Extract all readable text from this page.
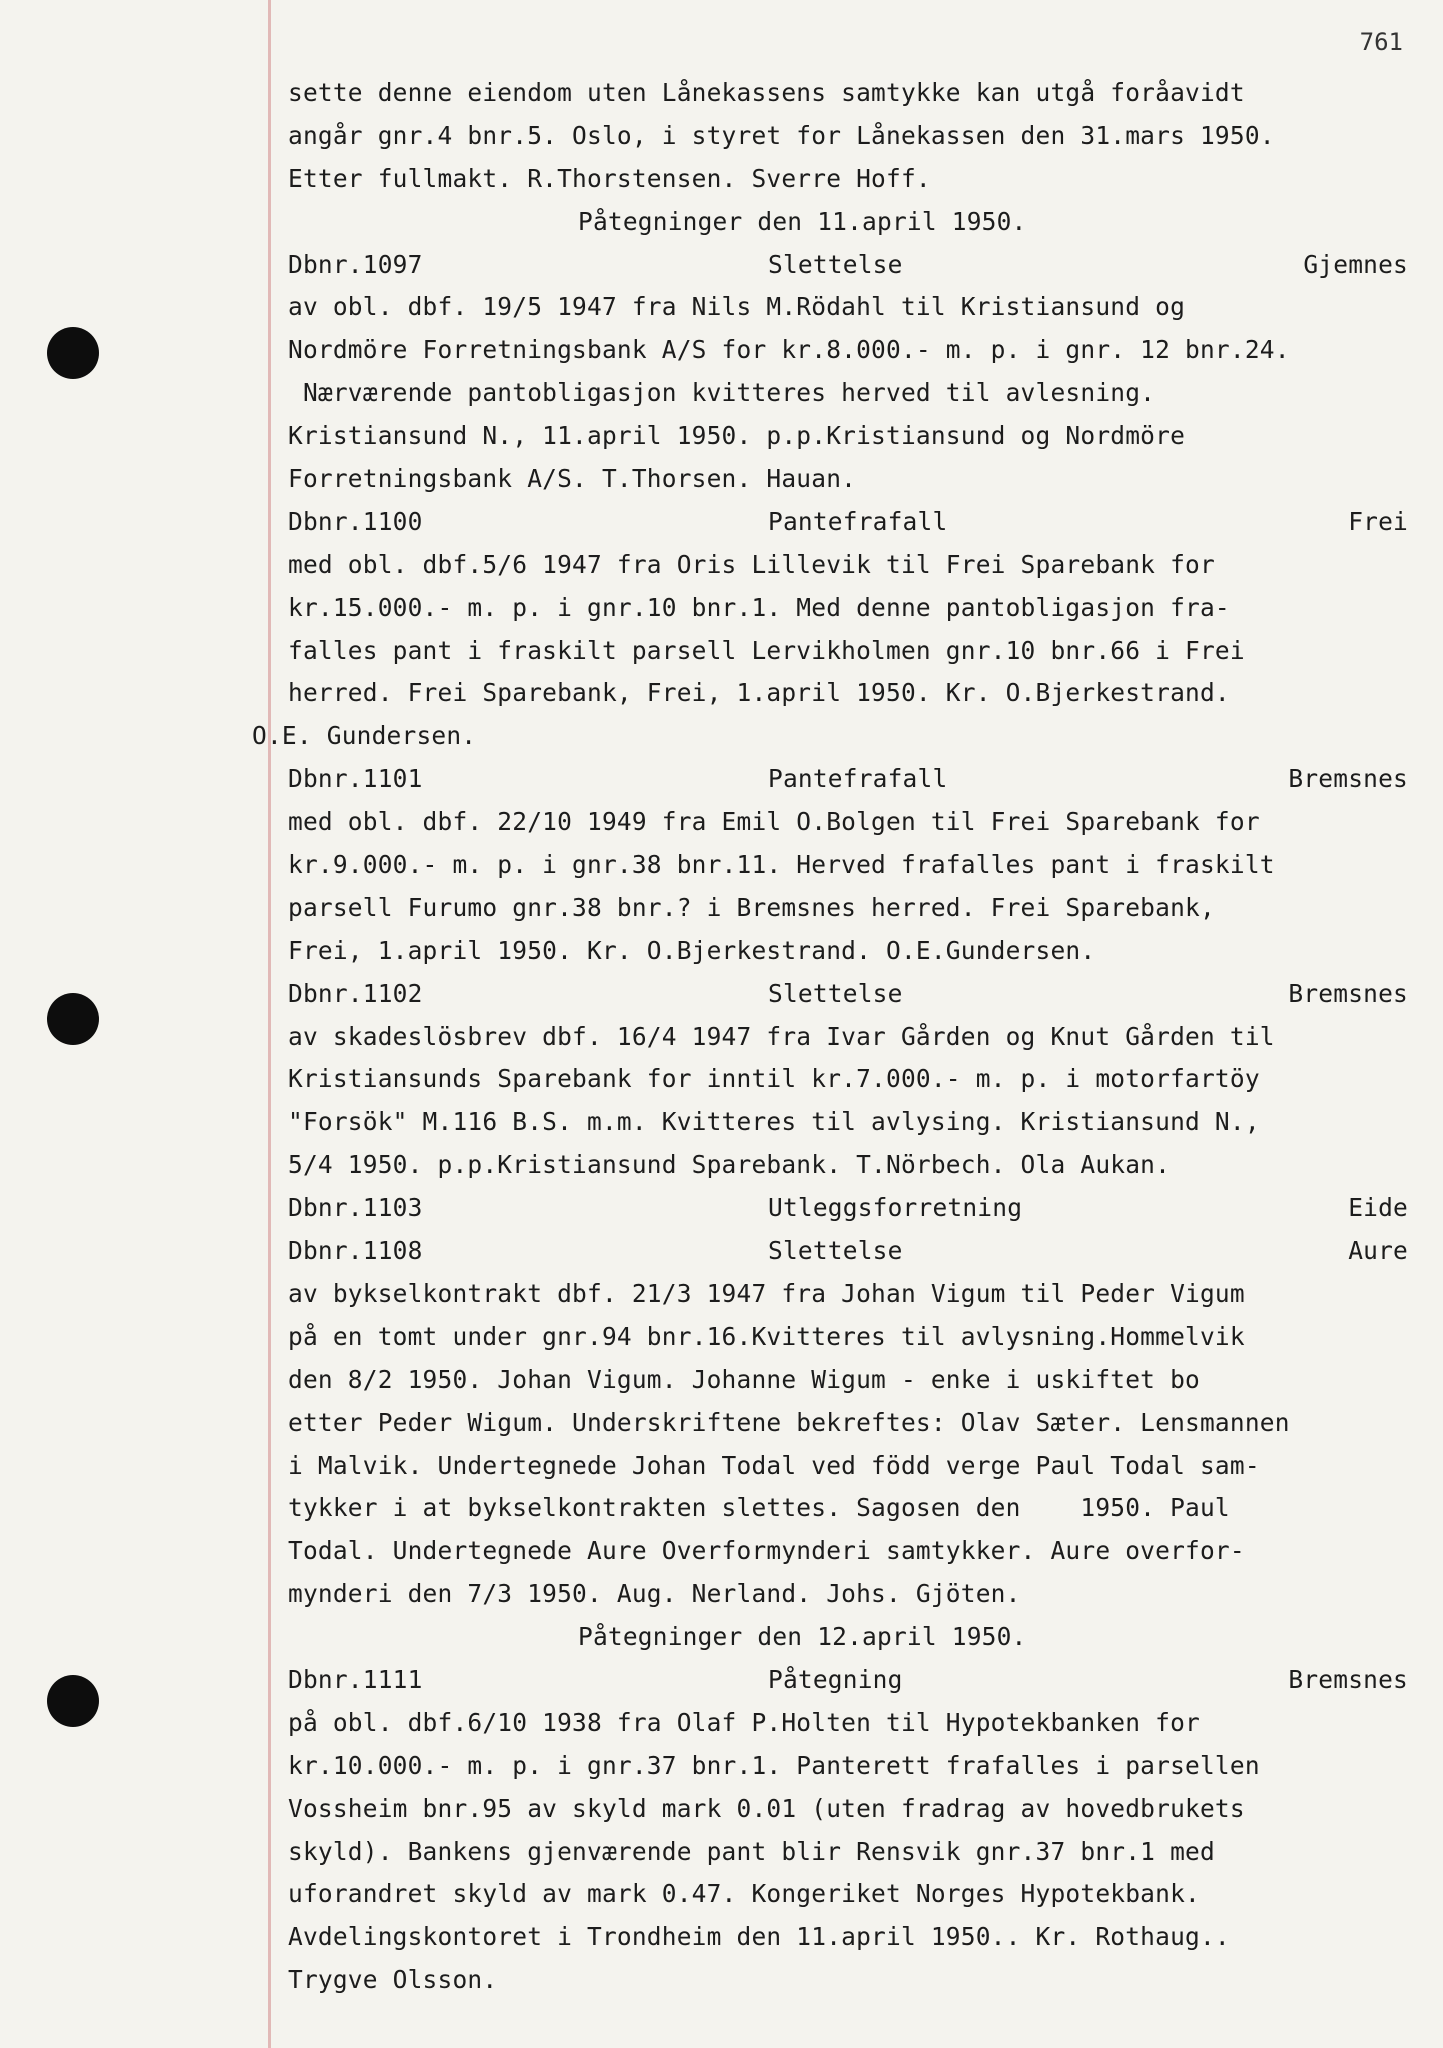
761
sette denne eiendom uten Lånekassens samtykke kan utgå foråavidt
angår gnr.4 bnr.5. Oslo, i styret for Lånekassen den 31.mars 1950.
Etter fullmakt. R.Thorstensen. Sverre Hoff.
Påtegninger den 11.april 1950.
Dbnr.1097	Slettelse	Gjemnes
av obl. dbf. 19/5 1947 fra Nils M.Rödahl til Kristiansund og
Nordmöre Forretningsbank A/S for kr.8.000.- m. p. i gnr. 12 bnr.24.
Nærværende pantobligasjon kvitteres herved til avlesning.
Kristiansund N., 11.april 1950. p.p.Kristiansund og Nordmöre
Forretningsbank A/S. T.Thorsen. Hauan.
Dbnr.1100	Pantefrafall	Frei
med obl. dbf.5/6 1947 fra Oris Lillevik til Frei Sparebank for
kr.15.000.- m. p. i gnr.10 bnr.1. Med denne pantobligasjon fra-
falles pant i fraskilt parsell Lervikholmen gnr.10 bnr.66 i Frei
herred. Frei Sparebank, Frei, 1.april 1950. Kr. O.Bjerkestrand.
O.E. Gundersen.
Dbnr.1101	Pantefrafall	Bremsnes
med obl. dbf. 22/10 1949 fra Emil O.Bolgen til Frei Sparebank for
kr.9.000.- m. p. i gnr.38 bnr.11. Herved frafalles pant i fraskilt
parsell Furumo gnr.38 bnr.? i Bremsnes herred. Frei Sparebank,
Frei, 1.april 1950. Kr. O.Bjerkestrand. O.E.Gundersen.
Dbnr.1102	Slettelse	Bremsnes
av skadeslösbrev dbf. 16/4 1947 fra Ivar Gården og Knut Gården til
Kristiansunds Sparebank for inntil kr.7.000.- m. p. i motorfartöy
"Forsök" M.116 B.S. m.m. Kvitteres til avlysing. Kristiansund N.,
5/4 1950. p.p.Kristiansund Sparebank. T.Nörbech. Ola Aukan.
Dbnr.1103	Utleggsforretning	Eide
Dbnr.1108	Slettelse	Aure
av bykselkontrakt dbf. 21/3 1947 fra Johan Vigum til Peder Vigum
på en tomt under gnr.94 bnr.16.Kvitteres til avlysning.Hommelvik
den 8/2 1950. Johan Vigum. Johanne Wigum - enke i uskiftet bo
etter Peder Wigum. Underskriftene bekreftes: Olav Sæter. Lensmannen
i Malvik. Undertegnede Johan Todal ved född verge Paul Todal sam-
tykker i at bykselkontrakten slettes. Sagosen den    1950. Paul
Todal. Undertegnede Aure Overformynderi samtykker. Aure overfor-
mynderi den 7/3 1950. Aug. Nerland. Johs. Gjöten.
Påtegninger den 12.april 1950.
Dbnr.1111	Påtegning	Bremsnes
på obl. dbf.6/10 1938 fra Olaf P.Holten til Hypotekbanken for
kr.10.000.- m. p. i gnr.37 bnr.1. Panterett frafalles i parsellen
Vossheim bnr.95 av skyld mark 0.01 (uten fradrag av hovedbrukets
skyld). Bankens gjenværende pant blir Rensvik gnr.37 bnr.1 med
uforandret skyld av mark 0.47. Kongeriket Norges Hypotekbank.
Avdelingskontoret i Trondheim den 11.april 1950.. Kr. Rothaug..
Trygve Olsson.
